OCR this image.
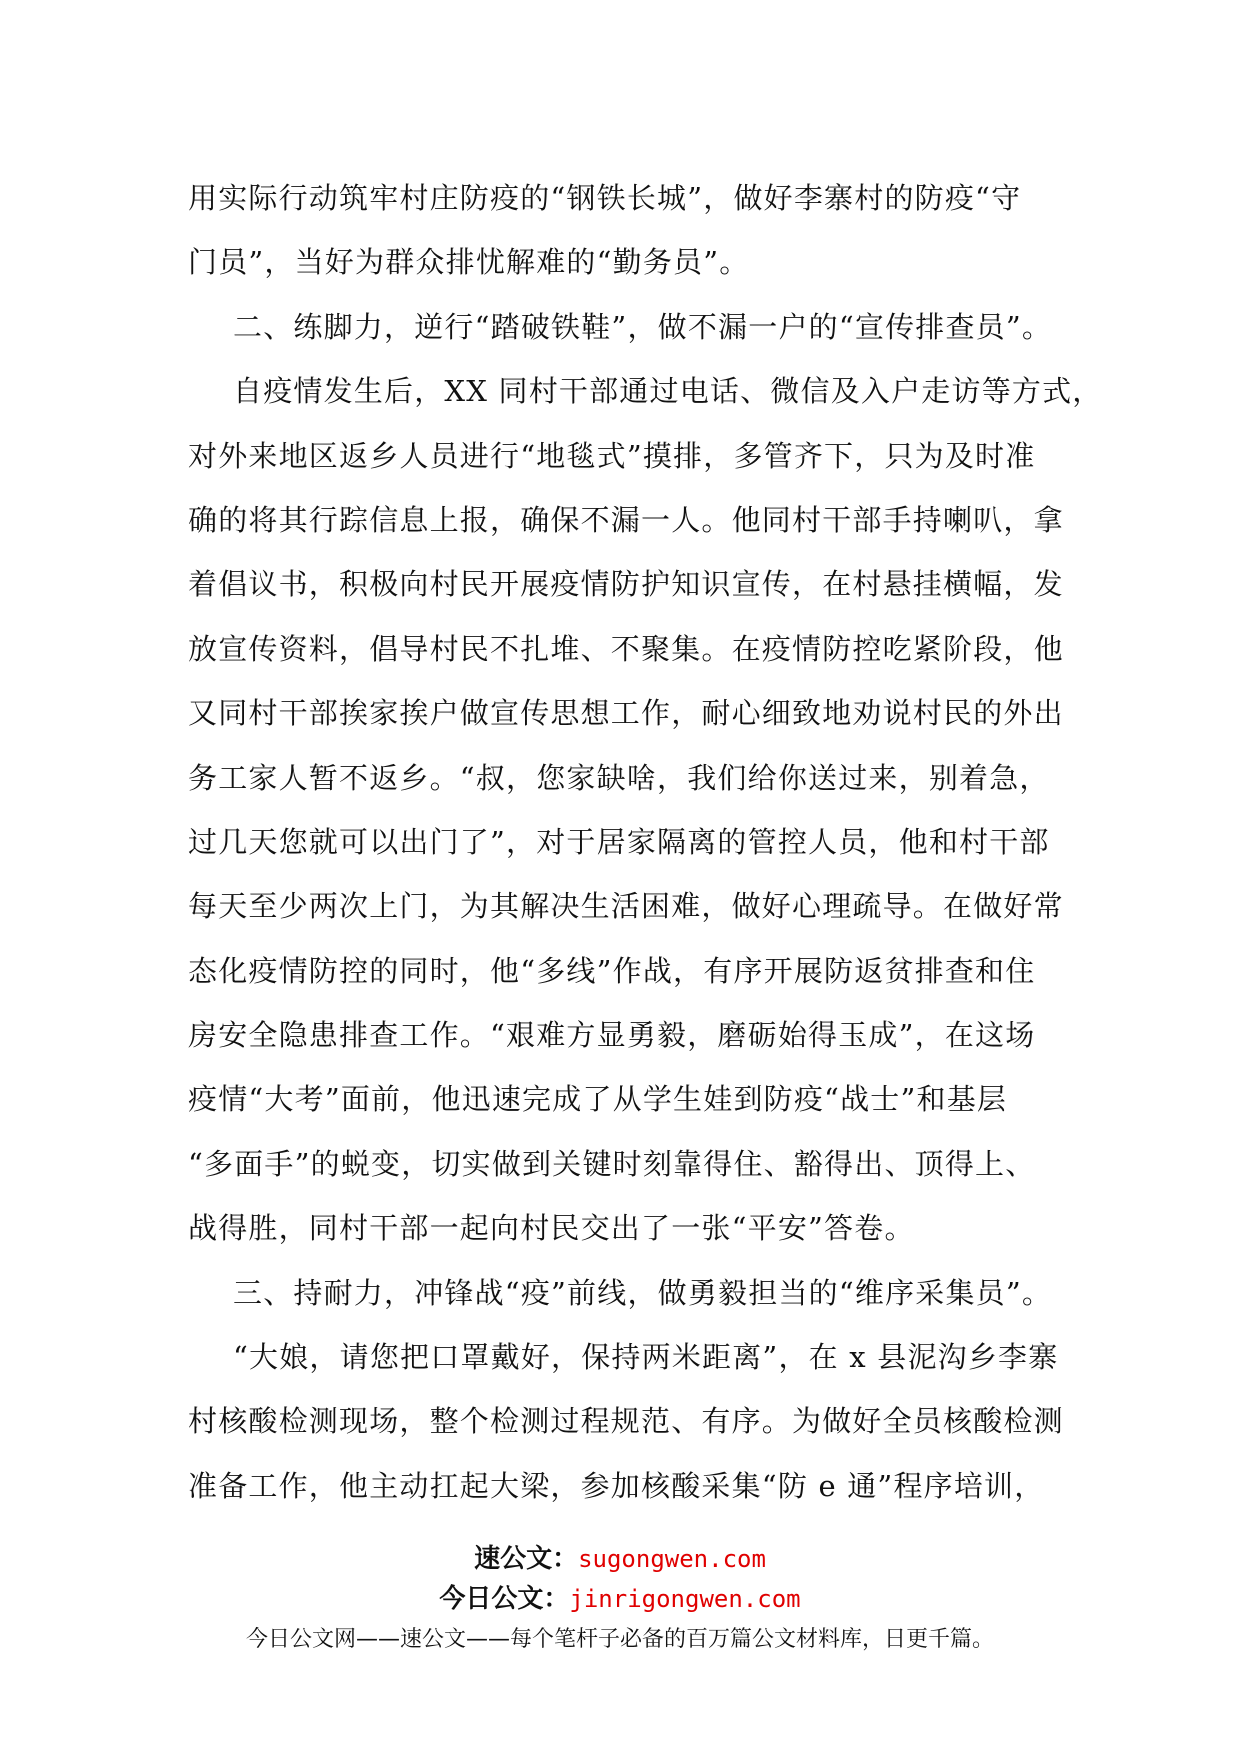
用实际行动筑牢村庄防疫的“钢铁长城”，做好李寨村的防疫“守
门员”，当好为群众排忧解难的“勤务员”。
二、练脚力，逆行“踏破铁鞋”，做不漏一户的“宣传排查员”。
自疫情发生后，XX 同村干部通过电话、微信及入户走访等方式，
对外来地区返乡人员进行“地毯式”摸排，多管齐下，只为及时准
确的将其行踪信息上报，确保不漏一人。他同村干部手持喇叭，拿
着倡议书，积极向村民开展疫情防护知识宣传，在村悬挂横幅，发
放宣传资料，倡导村民不扎堆、不聚集。在疫情防控吃紧阶段，他
又同村干部挨家挨户做宣传思想工作，耐心细致地劝说村民的外出
务工家人暂不返乡。“叔，您家缺啥，我们给你送过来，别着急，
过几天您就可以出门了”，对于居家隔离的管控人员，他和村干部
每天至少两次上门，为其解决生活困难，做好心理疏导。在做好常
态化疫情防控的同时，他“多线”作战，有序开展防返贫排查和住
房安全隐患排查工作。“艰难方显勇毅，磨砺始得玉成”，在这场
疫情“大考”面前，他迅速完成了从学生娃到防疫“战士”和基层
“多面手”的蜕变，切实做到关键时刻靠得住、豁得出、顶得上、
战得胜，同村干部一起向村民交出了一张“平安”答卷。
三、持耐力，冲锋战“疫”前线，做勇毅担当的“维序采集员”。
“大娘，请您把口罩戴好，保持两米距离”，在 x 县泥沟乡李寨
村核酸检测现场，整个检测过程规范、有序。为做好全员核酸检测
准备工作，他主动扛起大梁，参加核酸采集“防 e 通”程序培训，
速公文：sugongwen.com
今日公文：jinrigongwen.com
今日公文网——速公文——每个笔杆子必备的百万篇公文材料库，日更千篇。
